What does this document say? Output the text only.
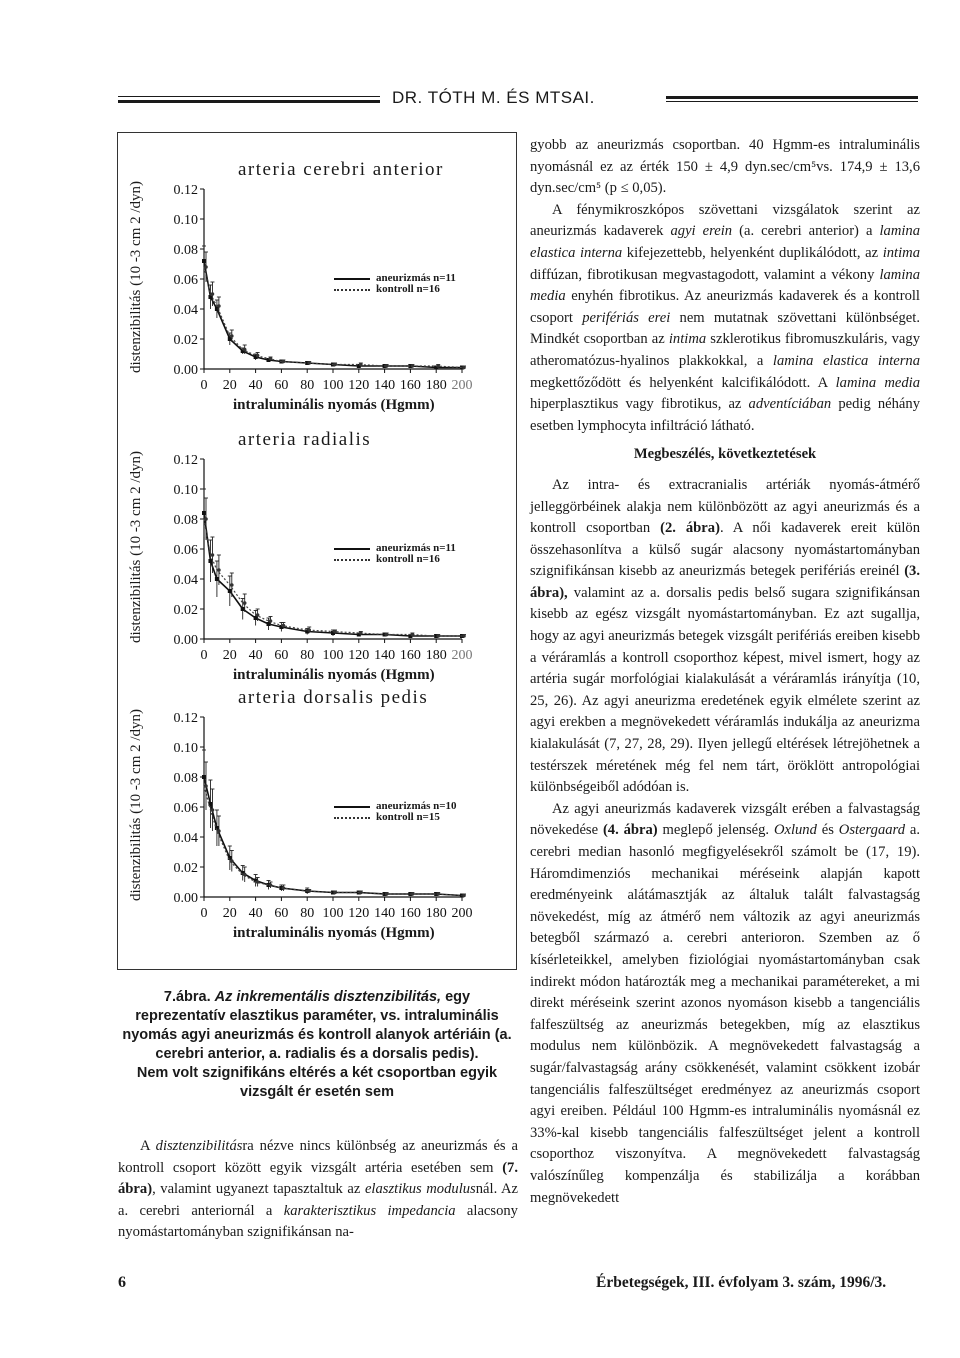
DR. TÓTH M. ÉS MTSAI.
0.00
0.02
0.04
0.06
0.08
0.10
0.12
0 20 40 60 80 100 120 140 160 180 200
arteria cerebri anterior
intraluminális nyomás (Hgmm)
distenzibilitás (10 -3 cm 2 /dyn)	aneurizmás n=11
kontroll n=16
0.00
0.02
0.04
0.06
0.08
0.10
0.12
0 20 40 60 80 100 120 140 160 180 200
arteria radialis
intraluminális nyomás (Hgmm)
distenzibilitás (10 -3 cm 2 /dyn)	aneurizmás n=11
kontroll n=16
0.00
0.02
0.04
0.06
0.08
0.10
0.12
0 20 40 60 80 100 120 140 160 180 200
arteria dorsalis pedis
intraluminális nyomás (Hgmm)
distenzibilitás (10 -3 cm 2 /dyn)	aneurizmás n=10
kontroll n=15
7.ábra. Az inkrementális disztenzibilitás, egy reprezentatív elasztikus paraméter, vs. intraluminális nyomás agyi aneurizmás és kontroll alanyok artériáin (a. cerebri anterior, a. radialis és a dorsalis pedis).
Nem volt szignifikáns eltérés a két csoportban egyik vizsgált ér esetén sem

A disztenzibilitásra nézve nincs különbség az aneurizmás és a kontroll csoport között egyik vizsgált artéria esetében sem (7. ábra), valamint ugyanezt tapasztaltuk az elasztikus modulusnál. Az a. cerebri anteriornál a karakterisztikus impedancia alacsony nyomástartományban szignifikánsan na-

gyobb az aneurizmás csoportban. 40 Hgmm-es intraluminális nyomásnál ez az érték 150 ± 4,9 dyn.sec/cm⁵vs. 174,9 ± 13,6 dyn.sec/cm⁵ (p ≤ 0,05).

A fénymikroszkópos szövettani vizsgálatok szerint az aneurizmás kadaverek agyi erein (a. cerebri anterior) a lamina elastica interna kifejezettebb, helyenként duplikálódott, az intima diffúzan, fibrotikusan megvastagodott, valamint a vékony lamina media enyhén fibrotikus. Az aneurizmás kadaverek és a kontroll csoport perifériás erei nem mutatnak szövettani különbséget. Mindkét csoportban az intima szklerotikus fibromuszkuláris, vagy atheromatózus-hyalinos plakkokkal, a lamina elastica interna megkettőződött és helyenként kalcifikálódott. A lamina media hiperplasztikus vagy fibrotikus, az adventíciában pedig néhány esetben lymphocyta infiltráció látható.

Megbeszélés, következtetések

Az intra- és extracranialis artériák nyomás-átmérő jelleggörbéinek alakja nem különbözött az agyi aneurizmás és a kontroll csoportban (2. ábra). A női kadaverek ereit külön összehasonlítva a külső sugár alacsony nyomástartományban szignifikánsan kisebb az aneurizmás betegek perifériás ereinél (3. ábra), valamint az a. dorsalis pedis belső sugara szignifikánsan kisebb az egész vizsgált nyomástartományban. Ez azt sugallja, hogy az agyi aneurizmás betegek vizsgált perifériás ereiben kisebb a véráramlás a kontroll csoporthoz képest, mivel ismert, hogy az artéria sugár morfológiai kialakulását a véráramlás irányítja (10, 25, 26). Az agyi aneurizma eredetének egyik elmélete szerint az agyi erekben a megnövekedett véráramlás indukálja az aneurizma kialakulását (7, 27, 28, 29). Ilyen jellegű eltérések létrejöhetnek a testérszek méretének még fel nem tárt, öröklött antropológiai különbségeiből adódóan is.

Az agyi aneurizmás kadaverek vizsgált erében a falvastagság növekedése (4. ábra) meglepő jelenség. Oxlund és Ostergaard a. cerebri median hasonló megfigyelésekről számolt be (17, 19). Háromdimenziós mechanikai méréseink alapján kapott eredményeink alátámasztják az általuk talált falvastagság növekedést, míg az átmérő nem változik az agyi aneurizmás betegből származó a. cerebri anterioron. Szemben az ő kísérleteikkel, amelyben fiziológiai nyomástartományban csak indirekt módon határozták meg a mechanikai paramétereket, a mi direkt méréseink szerint azonos nyomáson kisebb a tangenciális falfeszültség az aneurizmás betegekben, míg az elasztikus modulus nem különbözik. A megnövekedett falvastagság a sugár/falvastagság arány csökkenését, valamint csökkent izobár tangenciális falfeszültséget eredményez az aneurizmás csoport agyi ereiben. Például 100 Hgmm-es intraluminális nyomásnál ez 33%-kal kisebb tangenciális falfeszültséget jelent a kontroll csoporthoz viszonyítva. A megnövekedett falvastagság valószínűleg kompenzálja és stabilizálja a korábban megnövekedett

6	Érbetegségek, III. évfolyam 3. szám, 1996/3.
